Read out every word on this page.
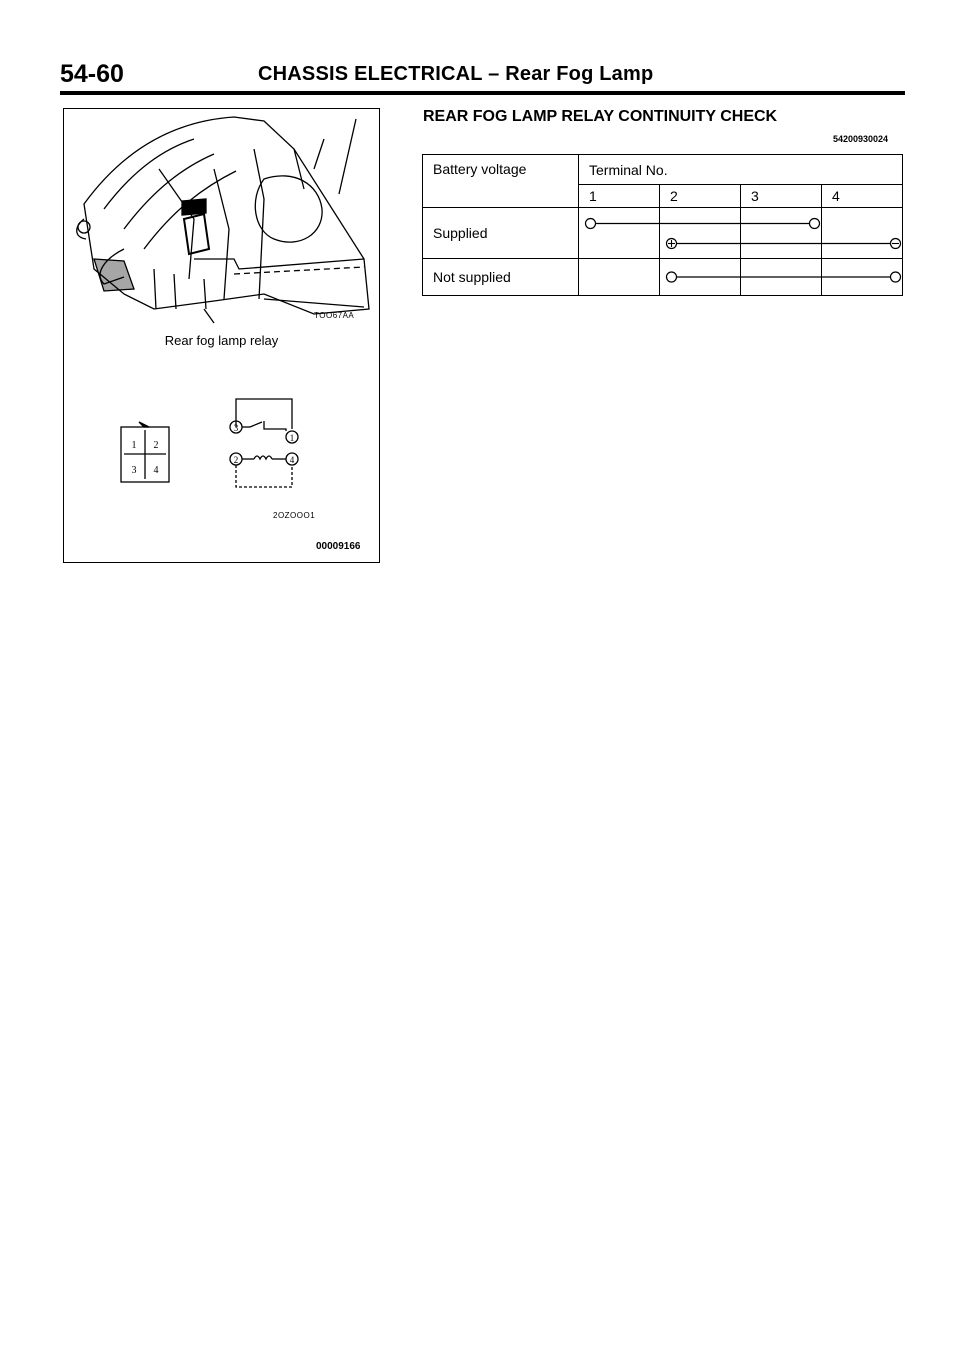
54-60	CHASSIS ELECTRICAL – Rear Fog Lamp
1 2
3 4
3
1
2	4
TOO67AA
Rear fog lamp relay
2OZOOO1
00009166
REAR FOG LAMP RELAY CONTINUITY CHECK
54200930024
Battery voltage	Terminal No.			
	1	2	3	4
Supplied				
Not supplied				
